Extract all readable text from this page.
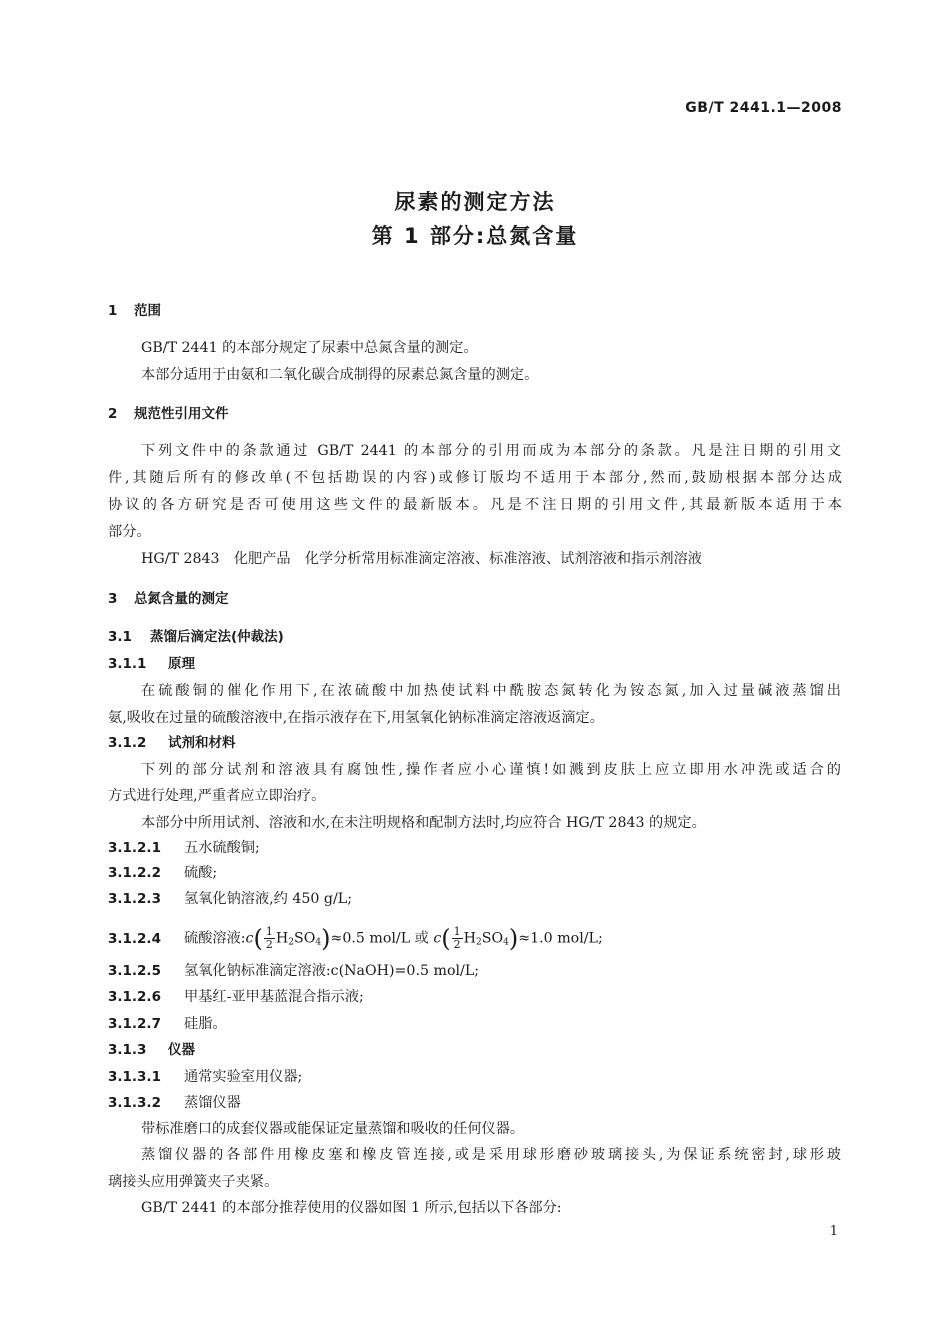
GB/T 2441.1—2008
尿素的测定方法
第 1 部分:总氮含量
1 范围
GB/T 2441 的本部分规定了尿素中总氮含量的测定。
本部分适用于由氨和二氧化碳合成制得的尿素总氮含量的测定。
2 规范性引用文件
下列文件中的条款通过 GB/T 2441 的本部分的引用而成为本部分的条款。凡是注日期的引用文
件,其随后所有的修改单(不包括勘误的内容)或修订版均不适用于本部分,然而,鼓励根据本部分达成
协议的各方研究是否可使用这些文件的最新版本。凡是不注日期的引用文件,其最新版本适用于本
部分。
HG/T 2843　化肥产品　化学分析常用标准滴定溶液、标准溶液、试剂溶液和指示剂溶液
3 总氮含量的测定
3.1 蒸馏后滴定法(仲裁法)
3.1.1 原理
在硫酸铜的催化作用下,在浓硫酸中加热使试料中酰胺态氮转化为铵态氮,加入过量碱液蒸馏出
氨,吸收在过量的硫酸溶液中,在指示液存在下,用氢氧化钠标准滴定溶液返滴定。
3.1.2 试剂和材料
下列的部分试剂和溶液具有腐蚀性,操作者应小心谨慎!如溅到皮肤上应立即用水冲洗或适合的
方式进行处理,严重者应立即治疗。
本部分中所用试剂、溶液和水,在未注明规格和配制方法时,均应符合 HG/T 2843 的规定。
3.1.2.1 五水硫酸铜;
3.1.2.2 硫酸;
3.1.2.3 氢氧化钠溶液,约 450 g/L;
3.1.2.4 硫酸溶液:c( $\frac{1}{2} H_2SO_4)\approx 0.5$ mol/L 或 $c( \frac{1}{2} H_2SO_4)\approx 1.0$ mol/L;
3.1.2.5 氢氧化钠标准滴定溶液:c(NaOH)=0.5 mol/L;
3.1.2.6 甲基红-亚甲基蓝混合指示液;
3.1.2.7 硅脂。
3.1.3 仪器
3.1.3.1 通常实验室用仪器;
3.1.3.2 蒸馏仪器
带标准磨口的成套仪器或能保证定量蒸馏和吸收的任何仪器。
蒸馏仪器的各部件用橡皮塞和橡皮管连接,或是采用球形磨砂玻璃接头,为保证系统密封,球形玻
璃接头应用弹簧夹子夹紧。
GB/T 2441 的本部分推荐使用的仪器如图 1 所示,包括以下各部分:
1
